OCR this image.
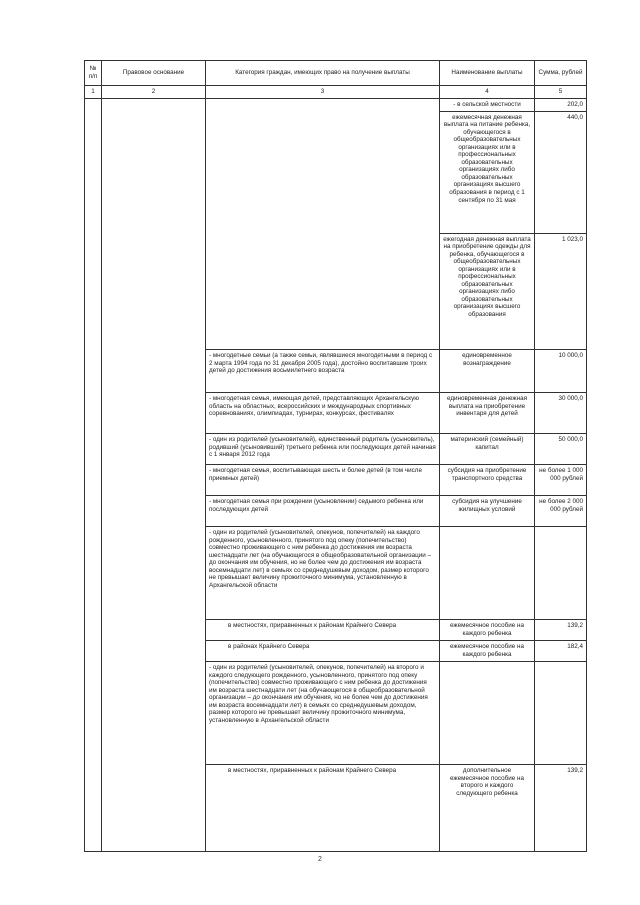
№ п/п	Правовое основание	Категория граждан, имеющих право на получение выплаты	Наименование выплаты	Сумма, рублей
1	2	3	4	5
			- в сельской местности	202,0
			ежемесячная денежная выплата на питание ребенка, обучающегося в общеобразовательных организациях или в профессиональных образовательных организациях либо образовательных организациях высшего образования в период с 1 сентября по 31 мая	440,0
			ежегодная денежная выплата на приобретение одежды для ребенка, обучающегося в общеобразовательных организациях или в профессиональных образовательных организациях либо образовательных организациях высшего образования	1 023,0
		- многодетные семьи (а также семьи, являвшиеся многодетными в период с 2 марта 1994 года по 31 декабря 2005 года), достойно воспитавшие троих детей до достижения восьмилетнего возраста	единовременное вознаграждение	10 000,0
		- многодетная семья, имеющая детей, представляющих Архангельскую область на областных, всероссийских и международных спортивных соревнованиях, олимпиадах, турнирах, конкурсах, фестивалях	единовременная денежная выплата на приобретение инвентаря для детей	30 000,0
		- один из родителей (усыновителей), единственный родитель (усыновитель), родивший (усыновивший) третьего ребенка или последующих детей начиная с 1 января 2012 года	материнский (семейный) капитал	50 000,0
		- многодетная семья, воспитывающая шесть и более детей (в том числе приемных детей)	субсидия на приобретение транспортного средства	не более 1 000 000 рублей
		- многодетная семья при рождении (усыновлении) седьмого ребенка или последующих детей	субсидия на улучшение жилищных условий	не более 2 000 000 рублей
		- один из родителей (усыновителей, опекунов, попечителей) на каждого рожденного, усыновленного, принятого под опеку (попечительство) совместно проживающего с ним ребенка до достижения им возраста шестнадцати лет (на обучающегося в общеобразовательной организации – до окончания им обучения, но не более чем до достижения им возраста восемнадцати лет) в семьях со среднедушевым доходом, размер которого не превышает величину прожиточного минимума, установленную в Архангельской области		
		в местностях, приравненных к районам Крайнего Севера	ежемесячное пособие на каждого ребенка	139,2
		в районах Крайнего Севера	ежемесячное пособие на каждого ребенка	182,4
		- один из родителей (усыновителей, опекунов, попечителей) на второго и каждого следующего рожденного, усыновленного, принятого под опеку (попечительство) совместно проживающего с ним ребенка до достижения им возраста шестнадцати лет (на обучающегося в общеобразовательной организации – до окончания им обучения, но не более чем до достижения им возраста восемнадцати лет) в семьях со среднедушевым доходом, размер которого не превышает величину прожиточного минимума, установленную в Архангельской области		
		в местностях, приравненных к районам Крайнего Севера	дополнительное ежемесячное пособие на второго и каждого следующего ребенка	139,2
2
